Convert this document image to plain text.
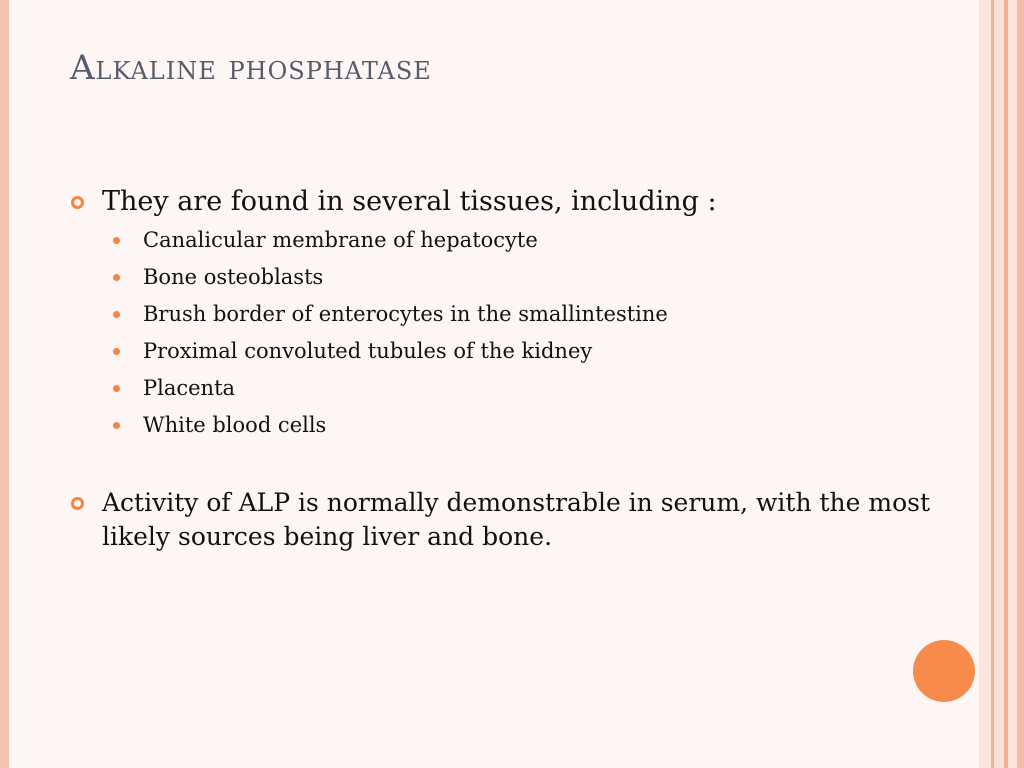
Alkaline phosphatase
They are found in several tissues, including :
Canalicular membrane of hepatocyte
Bone osteoblasts
Brush border of enterocytes in the smallintestine
Proximal convoluted tubules of the kidney
Placenta
White blood cells
Activity of ALP is normally demonstrable in serum, with the most likely sources being liver and bone.
